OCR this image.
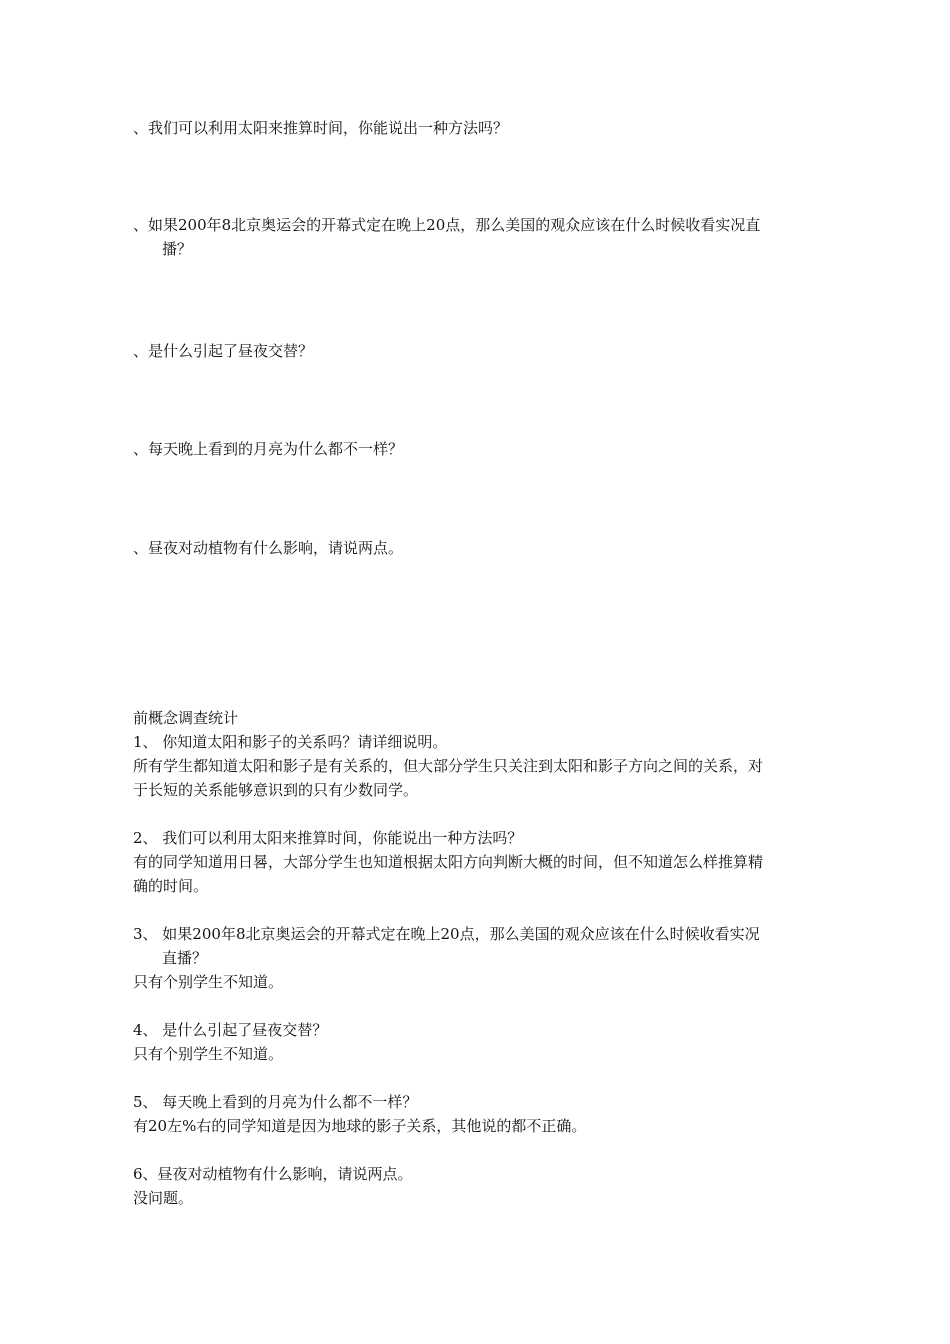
、我们可以利用太阳来推算时间，你能说出一种方法吗？
、如果200年8北京奥运会的开幕式定在晚上20点，那么美国的观众应该在什么时候收看实况直
播？
、是什么引起了昼夜交替？
、每天晚上看到的月亮为什么都不一样？
、昼夜对动植物有什么影响，请说两点。
前概念调查统计
1、 你知道太阳和影子的关系吗？请详细说明。
所有学生都知道太阳和影子是有关系的，但大部分学生只关注到太阳和影子方向之间的关系，对
于长短的关系能够意识到的只有少数同学。
2、 我们可以利用太阳来推算时间，你能说出一种方法吗？
有的同学知道用日晷，大部分学生也知道根据太阳方向判断大概的时间，但不知道怎么样推算精
确的时间。
3、 如果200年8北京奥运会的开幕式定在晚上20点，那么美国的观众应该在什么时候收看实况
直播？
只有个别学生不知道。
4、 是什么引起了昼夜交替？
只有个别学生不知道。
5、 每天晚上看到的月亮为什么都不一样？
有20左%右的同学知道是因为地球的影子关系，其他说的都不正确。
6、昼夜对动植物有什么影响，请说两点。
没问题。
